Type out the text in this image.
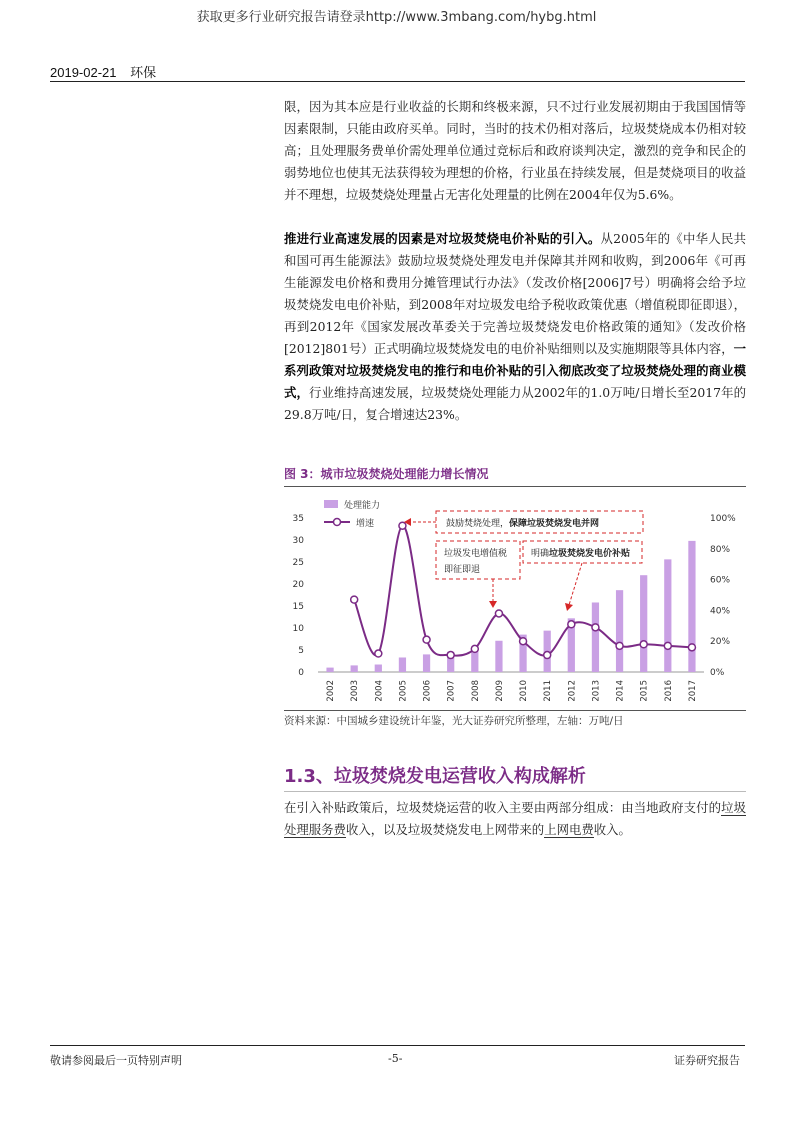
获取更多行业研究报告请登录http://www.3mbang.com/hybg.html
2019-02-21 环保
限，因为其本应是行业收益的长期和终极来源，只不过行业发展初期由于我国国情等因素限制，只能由政府买单。同时，当时的技术仍相对落后，垃圾焚烧成本仍相对较高；且处理服务费单价需处理单位通过竞标后和政府谈判决定，激烈的竞争和民企的弱势地位也使其无法获得较为理想的价格，行业虽在持续发展，但是焚烧项目的收益并不理想，垃圾焚烧处理量占无害化处理量的比例在2004年仅为5.6%。
推进行业高速发展的因素是对垃圾焚烧电价补贴的引入。从2005年的《中华人民共和国可再生能源法》鼓励垃圾焚烧处理发电并保障其并网和收购，到2006年《可再生能源发电价格和费用分摊管理试行办法》（发改价格[2006]7号）明确将会给予垃圾焚烧发电电价补贴，到2008年对垃圾发电给予税收政策优惠（增值税即征即退），再到2012年《国家发展改革委关于完善垃圾焚烧发电价格政策的通知》（发改价格[2012]801号）正式明确垃圾焚烧发电的电价补贴细则以及实施期限等具体内容，一系列政策对垃圾焚烧发电的推行和电价补贴的引入彻底改变了垃圾焚烧处理的商业模式，行业维持高速发展，垃圾焚烧处理能力从2002年的1.0万吨/日增长至2017年的29.8万吨/日，复合增速达23%。
图 3：城市垃圾焚烧处理能力增长情况
0
5
10
15
20
25
30
35
0%
20%
40%
60%
80%
100%
2002 2003 2004 2005 2006 2007 2008 2009 2010 2011 2012 2013 2014 2015 2016 2017
处理能力
增速	鼓励焚烧处理，保障垃圾焚烧发电并网
垃圾发电增值税
即征即退
明确垃圾焚烧发电价补贴
资料来源：中国城乡建设统计年鉴，光大证券研究所整理，左轴：万吨/日
1.3、垃圾焚烧发电运营收入构成解析
在引入补贴政策后，垃圾焚烧运营的收入主要由两部分组成：由当地政府支付的垃圾处理服务费收入，以及垃圾焚烧发电上网带来的上网电费收入。
敬请参阅最后一页特别声明	-5-	证券研究报告
